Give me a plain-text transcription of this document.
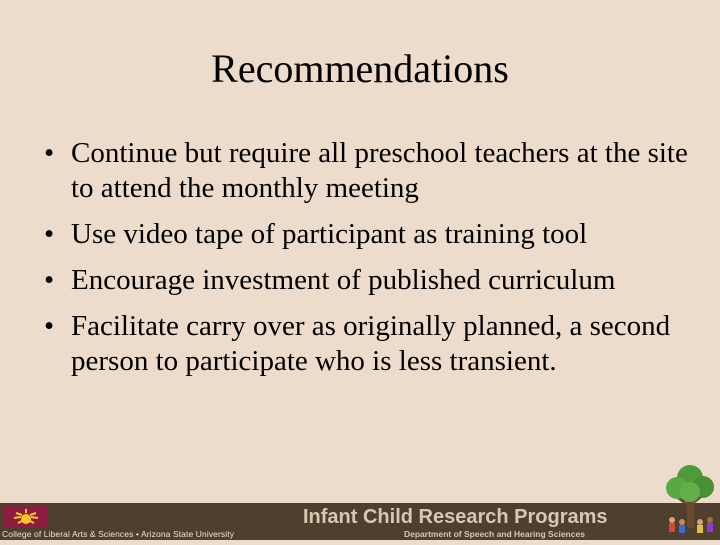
Recommendations
• Continue but require all preschool teachers at the site to attend the monthly meeting
• Use video tape of participant as training tool
• Encourage investment of published curriculum
• Facilitate carry over as originally planned, a second person to participate who is less transient.
College of Liberal Arts & Sciences • Arizona State University
Infant Child Research Programs
Department of Speech and Hearing Sciences
